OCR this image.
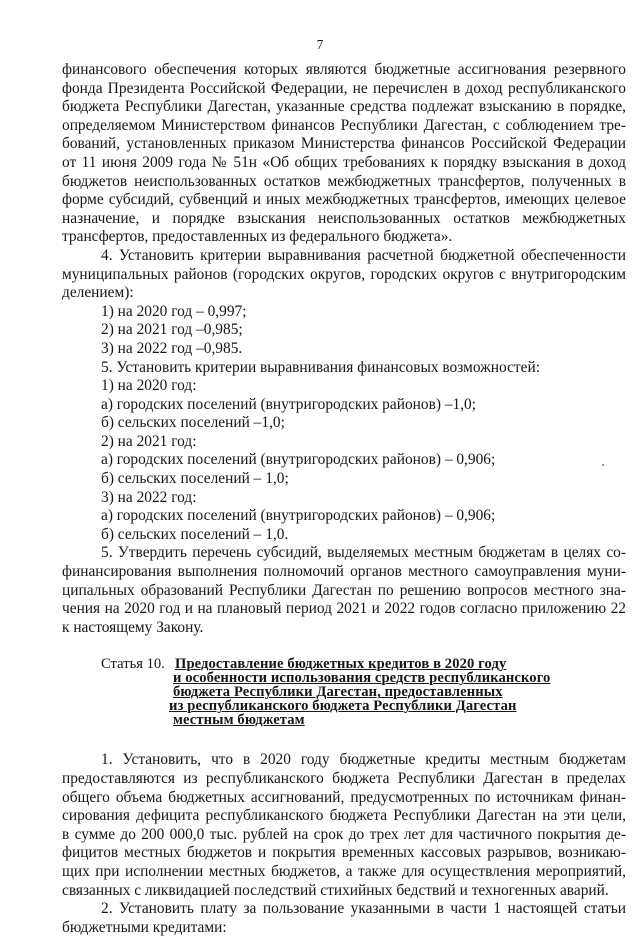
7
финансового обеспечения которых являются бюджетные ассигнования резервного
фонда Президента Российской Федерации, не перечислен в доход республиканского
бюджета Республики Дагестан, указанные средства подлежат взысканию в порядке,
определяемом Министерством финансов Республики Дагестан, с соблюдением тре-
бований, установленных приказом Министерства финансов Российской Федерации
от 11 июня 2009 года № 51н «Об общих требованиях к порядку взыскания в доход
бюджетов неиспользованных остатков межбюджетных трансфертов, полученных в
форме субсидий, субвенций и иных межбюджетных трансфертов, имеющих целевое
назначение, и порядке взыскания неиспользованных остатков межбюджетных
трансфертов, предоставленных из федерального бюджета».
4. Установить критерии выравнивания расчетной бюджетной обеспеченности
муниципальных районов (городских округов, городских округов с внутригородским
делением):
1) на 2020 год – 0,997;
2) на 2021 год –0,985;
3) на 2022 год –0,985.
5. Установить критерии выравнивания финансовых возможностей:
1) на 2020 год:
а) городских поселений (внутригородских районов) –1,0;
б) сельских поселений –1,0;
2) на 2021 год:
а) городских поселений (внутригородских районов) – 0,906;
б) сельских поселений – 1,0;
3) на 2022 год:
а) городских поселений (внутригородских районов) – 0,906;
б) сельских поселений – 1,0.
5. Утвердить перечень субсидий, выделяемых местным бюджетам в целях со-
финансирования выполнения полномочий органов местного самоуправления муни-
ципальных образований Республики Дагестан по решению вопросов местного зна-
чения на 2020 год и на плановый период 2021 и 2022 годов согласно приложению 22
к настоящему Закону.
Статья 10. Предоставление бюджетных кредитов в 2020 году
и особенности использования средств республиканского
бюджета Республики Дагестан, предоставленных
из республиканского бюджета Республики Дагестан
местным бюджетам
1. Установить, что в 2020 году бюджетные кредиты местным бюджетам
предоставляются из республиканского бюджета Республики Дагестан в пределах
общего объема бюджетных ассигнований, предусмотренных по источникам финан-
сирования дефицита республиканского бюджета Республики Дагестан на эти цели,
в сумме до 200 000,0 тыс. рублей на срок до трех лет для частичного покрытия де-
фицитов местных бюджетов и покрытия временных кассовых разрывов, возникаю-
щих при исполнении местных бюджетов, а также для осуществления мероприятий,
связанных с ликвидацией последствий стихийных бедствий и техногенных аварий.
2. Установить плату за пользование указанными в части 1 настоящей статьи
бюджетными кредитами:
